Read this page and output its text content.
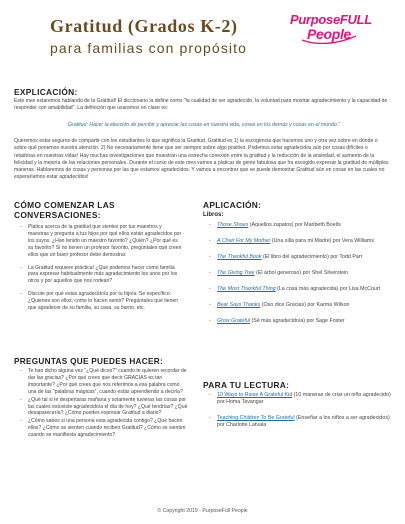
Gratitud (Grados K-2)
para familias con propósito
PurposeFULL
People
EXPLICACIÓN:
Este mes estaremos hablando de la Gratitud! El diccionario la define como "la cualidad de ser agradecido, la voluntad para mostrar agradecimiento y la capacidad de responder con amabilidad". La definición que usaremos en clase es:
Gratitud: Hacer la elección de percibir y apreciar las cosas en nuestra vida, cosas en los demás y cosas en el mundo."
Queremos estar seguros de compartir con los estudiantes lo que significa la Gratitud. Gratitud es 1) la escogencia que hacemos uno y otra vez sobre en dónde o sobre qué ponemos nuestra atención. 2) No necesariamente tiene que ser siempre sobre algo positivo. Podemos estar agradecidos aún por cosas difíciles o retadoras en nuestras vidas! Hay muchas investigaciones que muestran una estrecha conexión entre la gratitud y la reducción de la ansiedad, el aumento de la felicidad y la mejoría de las relaciones personales. Durante el curso de este mes vamos a platicar de gente fabulosa que ha escogido expresar la gratitud de múltiples maneras. Hablaremos de cosas y personas por las que estamos agradecidos. Y vamos a encontrar que se puede demostrar Gratitud aún en cosas en las cuales no esperaríamos estar agradecidos!
CÓMO COMENZAR LAS CONVERSACIONES:
- Platica acerca de la gratitud que sientes por tus maestros y maestras y pregunta a tus hijos por qué ellos están agradecidos por los suyos. ¿Han tenido un maestro favorito? ¿Quién? ¿Por qué es su favorito? Si no tienen un profesor favorito, pregúntales qué creen ellos que un buen profesor debe demostrar.
- La Gratitud requiere práctica! ¿Qué podemos hacer como familia para expresar habitualmente más agradecimiento los unos por los otros y por aquellos que nos rodean?
- Discute por qué estas agradecido/a por tu hijo/a. Se específico: ¿Quienes son ellos, como lo hacen sentir? Pregúntales qué tienen que agradecer de su familia, su casa, su barrio, etc.
PREGUNTAS QUE PUEDES HACER:
- Te han dicho alguna vez "¿Qué dices?" cuando te quieren recordar de dar las gracias? ¿Por qué crees que decir GRACIAS es tan importante? ¿Por qué crees que nos referimos a esa palabra como una de las "palabras mágicas", cuando estás aprendiendo a decirla?
- ¿Qué tal si te despertaras mañana y solamente tuvieras las cosas por las cuales estuviste agradecido/a el día de hoy? ¿Qué tendrías? ¿Qué desaparecería? ¿Cómo puedes expresar Gratitud a diario?
- ¿Cómo sabes si una persona esta agradecida contigo? ¿Qué hacen ellos? ¿Cómo se sienten cuando reciben Gratitud? ¿Cómo se sienten cuando se manifiesta agradecimiento?
APLICACIÓN:
Libros:
- Those Shoes (Aquellos zapatos) por Maribeth Boelts
- A Chair For My Mother (Una silla para mi Madre) por Vera Williams
- The Thankful Book (El libro del agradecimiento) por Todd Parr
- The Giving Tree (El árbol generoso) por Shel Silverstein
- The Most Thankful Thing (La cosa más agradecida) por Lisa McCourt
- Bear Says Thanks (Oso dice Gracias) por Karma Wilson
- Grow Grateful (Sé más agradecido/a) por Sage Foster
PARA TU LECTURA:
- 10 Ways to Raise A Grateful Kid (10 maneras de criar un niño agradecido) por Homa Tavangar
- Teaching Children To Be Grateful (Enseñar a los niños a ser agradecidos) por Charlotte Latvala
© Copyright 2019 - PurposeFull People
